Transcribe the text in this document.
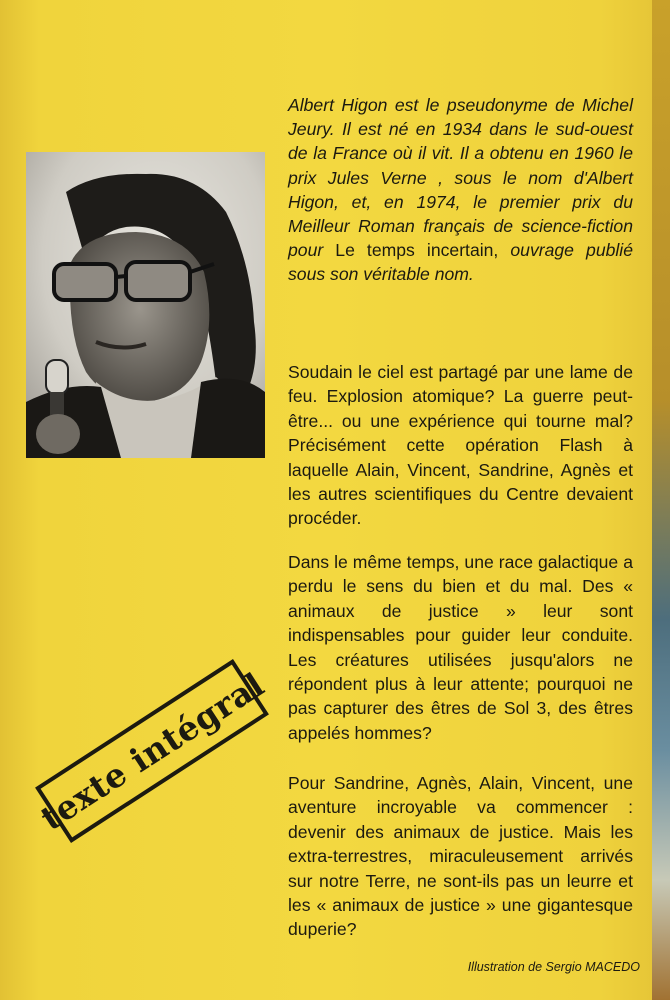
Albert Higon est le pseudonyme de Michel Jeury. Il est né en 1934 dans le sud-ouest de la France où il vit. Il a obtenu en 1960 le prix Jules Verne , sous le nom d'Albert Higon, et, en 1974, le premier prix du Meilleur Roman français de science-fiction pour Le temps incertain, ouvrage publié sous son véritable nom.

Soudain le ciel est partagé par une lame de feu. Explosion atomique? La guerre peut-être... ou une expérience qui tourne mal? Précisément cette opération Flash à laquelle Alain, Vincent, Sandrine, Agnès et les autres scientifiques du Centre devaient procéder.

Dans le même temps, une race galactique a perdu le sens du bien et du mal. Des « animaux de justice » leur sont indispensables pour guider leur conduite. Les créatures utilisées jusqu'alors ne répondent plus à leur attente; pourquoi ne pas capturer des êtres de Sol 3, des êtres appelés hommes?

Pour Sandrine, Agnès, Alain, Vincent, une aventure incroyable va commencer : devenir des animaux de justice. Mais les extra-terrestres, miraculeusement arrivés sur notre Terre, ne sont-ils pas un leurre et les « animaux de justice » une gigantesque duperie?

texte intégral
Illustration de Sergio MACEDO
